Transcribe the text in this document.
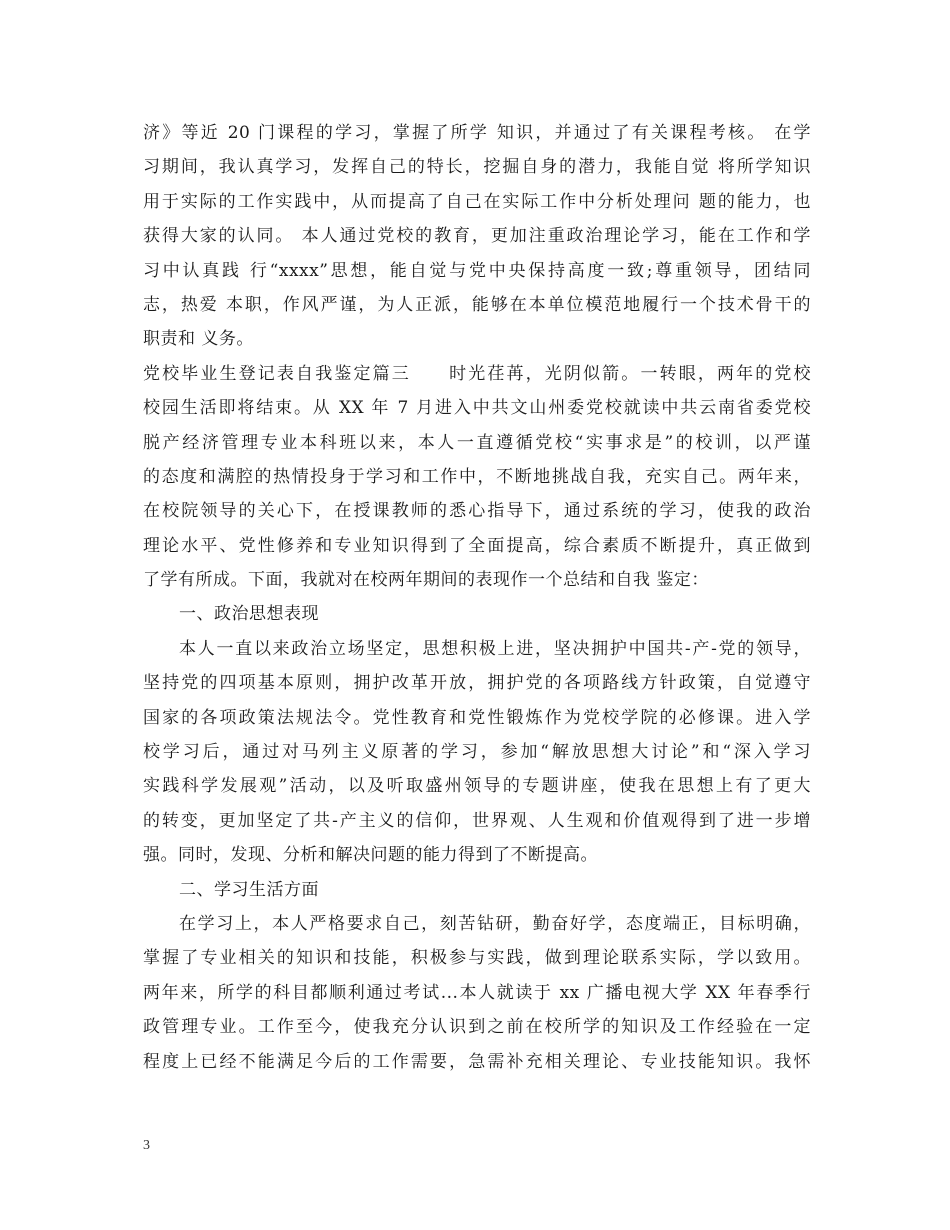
济》等近 20 门课程的学习，掌握了所学 知识，并通过了有关课程考核。 在学
习期间，我认真学习，发挥自己的特长，挖掘自身的潜力，我能自觉 将所学知识
用于实际的工作实践中，从而提高了自己在实际工作中分析处理问 题的能力，也
获得大家的认同。 本人通过党校的教育，更加注重政治理论学习，能在工作和学
习中认真践 行“xxxx”思想，能自觉与党中央保持高度一致;尊重领导，团结同
志，热爱 本职，作风严谨，为人正派，能够在本单位模范地履行一个技术骨干的
职责和 义务。
党校毕业生登记表自我鉴定篇三　　时光荏苒，光阴似箭。一转眼，两年的党校
校园生活即将结束。从 XX 年 7 月进入中共文山州委党校就读中共云南省委党校
脱产经济管理专业本科班以来，本人一直遵循党校“实事求是”的校训，以严谨
的态度和满腔的热情投身于学习和工作中，不断地挑战自我，充实自己。两年来，
在校院领导的关心下，在授课教师的悉心指导下，通过系统的学习，使我的政治
理论水平、党性修养和专业知识得到了全面提高，综合素质不断提升，真正做到
了学有所成。下面，我就对在校两年期间的表现作一个总结和自我 鉴定：
一、政治思想表现
本人一直以来政治立场坚定，思想积极上进，坚决拥护中国共-产-党的领导，
坚持党的四项基本原则，拥护改革开放，拥护党的各项路线方针政策，自觉遵守
国家的各项政策法规法令。党性教育和党性锻炼作为党校学院的必修课。进入学
校学习后，通过对马列主义原著的学习，参加“解放思想大讨论”和“深入学习
实践科学发展观”活动，以及听取盛州领导的专题讲座，使我在思想上有了更大
的转变，更加坚定了共-产主义的信仰，世界观、人生观和价值观得到了进一步增
强。同时，发现、分析和解决问题的能力得到了不断提高。
二、学习生活方面
在学习上，本人严格要求自己，刻苦钻研，勤奋好学，态度端正，目标明确，
掌握了专业相关的知识和技能，积极参与实践，做到理论联系实际，学以致用。
两年来，所学的科目都顺利通过考试...本人就读于 xx 广播电视大学 XX 年春季行
政管理专业。工作至今，使我充分认识到之前在校所学的知识及工作经验在一定
程度上已经不能满足今后的工作需要，急需补充相关理论、专业技能知识。我怀
3
